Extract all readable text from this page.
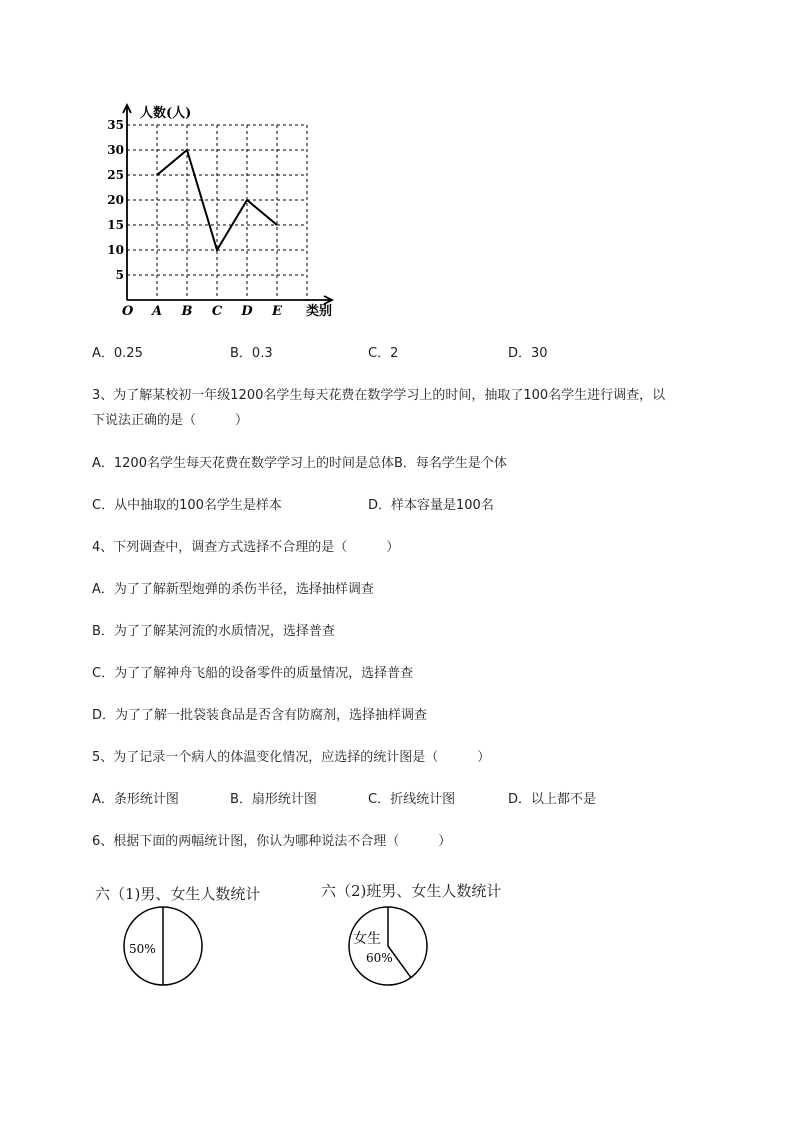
5
10
15
20
25
30
35
A B C D E
人数(人)
类别
O
A．0.25	B．0.3	C．2	D．30
3、为了解某校初一年级1200名学生每天花费在数学学习上的时间，抽取了100名学生进行调查，以
下说法正确的是（　　　）
A．1200名学生每天花费在数学学习上的时间是总体B．每名学生是个体
C．从中抽取的100名学生是样本	D．样本容量是100名
4、下列调查中，调查方式选择不合理的是（　　　）
A．为了了解新型炮弹的杀伤半径，选择抽样调查
B．为了了解某河流的水质情况，选择普查
C．为了了解神舟飞船的设备零件的质量情况，选择普查
D．为了了解一批袋装食品是否含有防腐剂，选择抽样调查
5、为了记录一个病人的体温变化情况，应选择的统计图是（　　　）
A．条形统计图	B．扇形统计图	C．折线统计图	D．以上都不是
6、根据下面的两幅统计图，你认为哪种说法不合理（　　　）
六（1)男、女生人数统计	六（2)班男、女生人数统计
50%
女生
60%
